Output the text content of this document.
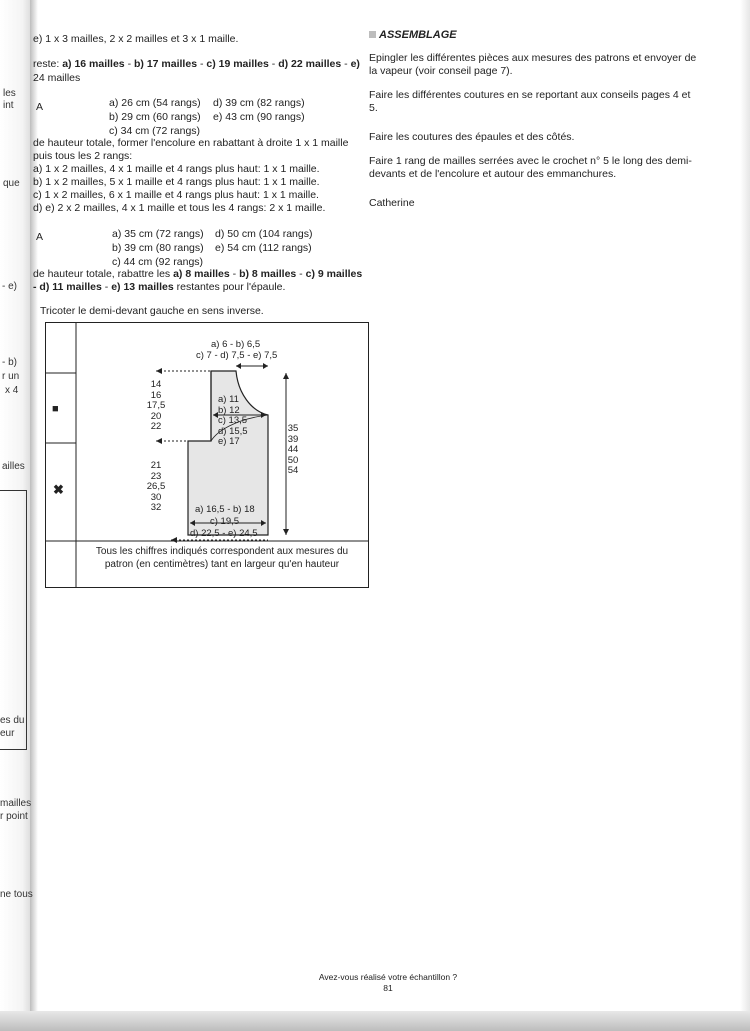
les
int
que
- e)
- b)
r un
x 4
ailles
es du
eur
mailles
r point
ne tous
e) 1 x 3 mailles, 2 x 2 mailles et 3 x 1 maille.
reste: a) 16 mailles - b) 17 mailles - c) 19 mailles - d) 22 mailles - e)
24 mailles
A	a) 26 cm (54 rangs) d) 39 cm (82 rangs)
b) 29 cm (60 rangs) e) 43 cm (90 rangs)
c) 34 cm (72 rangs)
de hauteur totale, former l'encolure en rabattant à droite 1 x 1 maille
puis tous les 2 rangs:
a) 1 x 2 mailles, 4 x 1 maille et 4 rangs plus haut: 1 x 1 maille.
b) 1 x 2 mailles, 5 x 1 maille et 4 rangs plus haut: 1 x 1 maille.
c) 1 x 2 mailles, 6 x 1 maille et 4 rangs plus haut: 1 x 1 maille.
d) e) 2 x 2 mailles, 4 x 1 maille et tous les 4 rangs: 2 x 1 maille.
A	a) 35 cm (72 rangs) d) 50 cm (104 rangs)
b) 39 cm (80 rangs) e) 54 cm (112 rangs)
c) 44 cm (92 rangs)
de hauteur totale, rabattre les a) 8 mailles - b) 8 mailles - c) 9 mailles
- d) 11 mailles - e) 13 mailles restantes pour l'épaule.
Tricoter le demi-devant gauche en sens inverse.
■
✖
a) 6 - b) 6,5
c) 7 - d) 7,5 - e) 7,5
a) 11
b) 12
c) 13,5
d) 15,5
e) 17
14
16
17,5
20
22
21
23
26,5
30
32
35
39
44
50
54
a) 16,5 - b) 18
c) 19,5
d) 22,5 - e) 24,5
Tous les chiffres indiqués correspondent aux mesures du
patron (en centimètres) tant en largeur qu'en hauteur
ASSEMBLAGE
Epingler les différentes pièces aux mesures des patrons et envoyer de la vapeur (voir conseil page 7).
Faire les différentes coutures en se reportant aux conseils pages 4 et 5.
Faire les coutures des épaules et des côtés.
Faire 1 rang de mailles serrées avec le crochet n° 5 le long des demi-devants et de l'encolure et autour des emmanchures.
Catherine
Avez-vous réalisé votre échantillon ?
81
